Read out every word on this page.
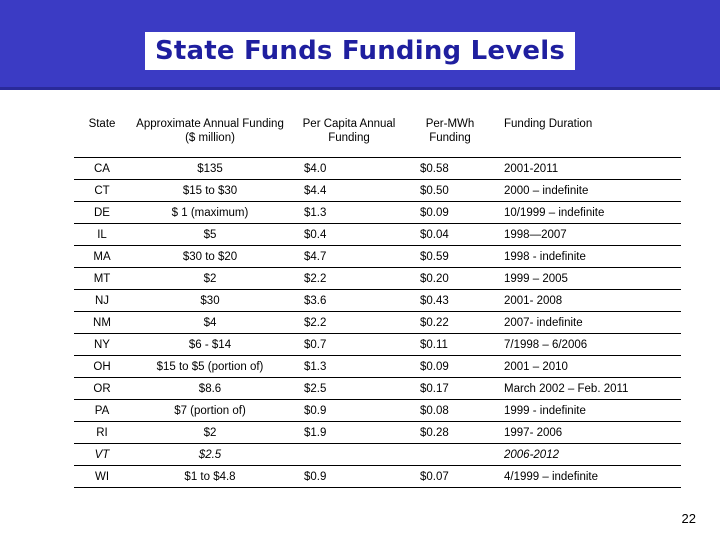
State Funds Funding Levels
State	Approximate Annual Funding ($ million)	Per Capita Annual Funding	Per-MWh Funding	Funding Duration
CA	$135	$4.0	$0.58	2001-2011
CT	$15 to $30	$4.4	$0.50	2000 – indefinite
DE	$ 1 (maximum)	$1.3	$0.09	10/1999 – indefinite
IL	$5	$0.4	$0.04	1998—2007
MA	$30 to $20	$4.7	$0.59	1998 - indefinite
MT	$2	$2.2	$0.20	1999 – 2005
NJ	$30	$3.6	$0.43	2001- 2008
NM	$4	$2.2	$0.22	2007- indefinite
NY	$6 - $14	$0.7	$0.11	7/1998 – 6/2006
OH	$15 to $5 (portion of)	$1.3	$0.09	2001 – 2010
OR	$8.6	$2.5	$0.17	March 2002 – Feb. 2011
PA	$7 (portion of)	$0.9	$0.08	1999 - indefinite
RI	$2	$1.9	$0.28	1997- 2006
VT	$2.5			2006-2012
WI	$1 to $4.8	$0.9	$0.07	4/1999 – indefinite
22
